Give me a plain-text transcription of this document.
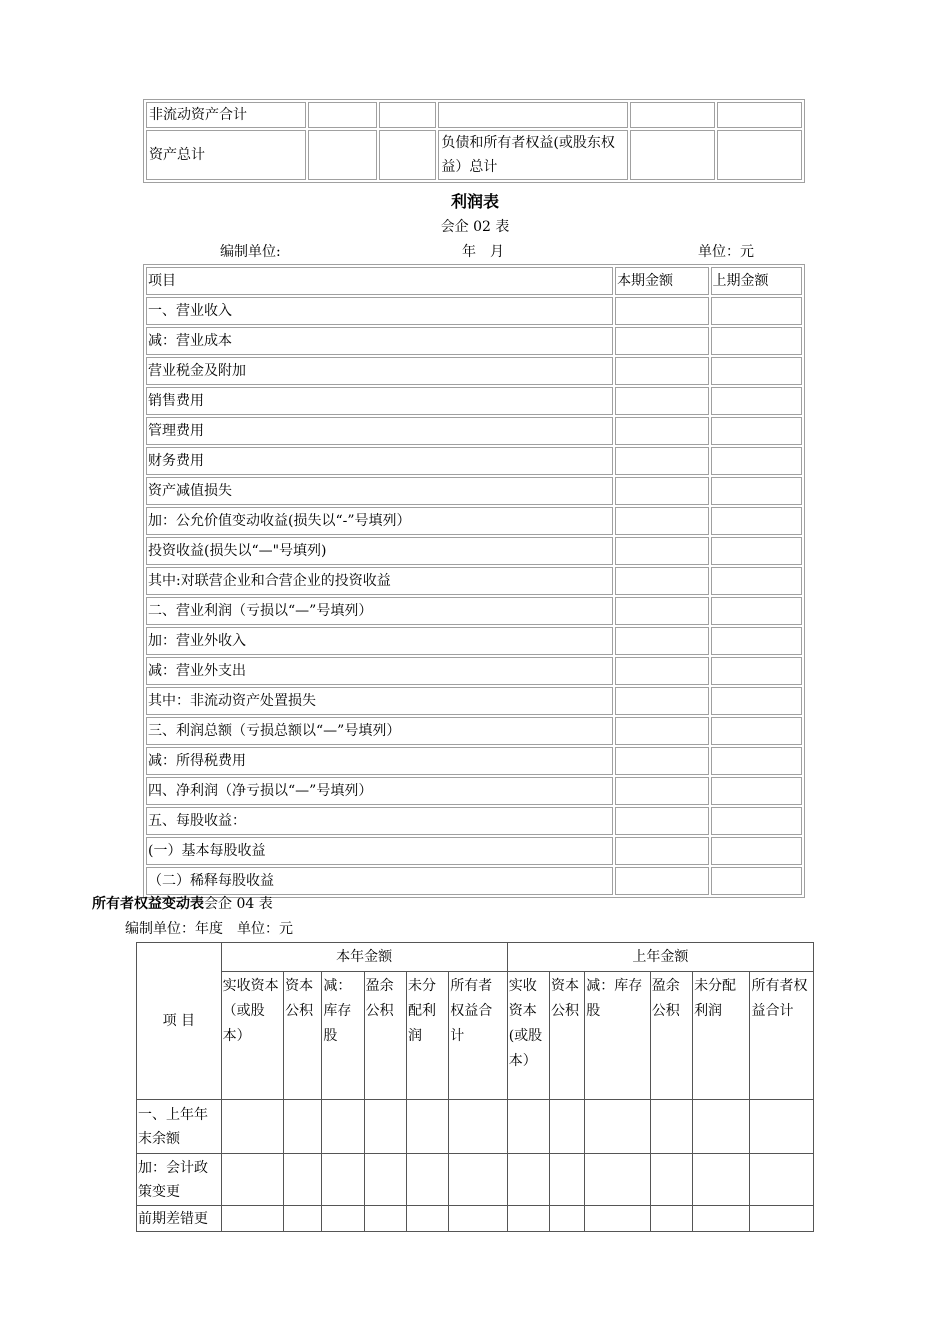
非流动资产合计					
资产总计			负债和所有者权益(或股东权益）总计		
利润表
会企 02 表
编制单位:	年　月	单位：元
项目	本期金额	上期金额
一、营业收入		
减：营业成本		
营业税金及附加		
销售费用		
管理费用		
财务费用		
资产减值损失		
加：公允价值变动收益(损失以“-”号填列）		
投资收益(损失以“—"号填列)		
其中:对联营企业和合营企业的投资收益		
二、营业利润（亏损以“—”号填列）		
加：营业外收入		
减：营业外支出		
其中：非流动资产处置损失		
三、利润总额（亏损总额以“—”号填列）		
减：所得税费用		
四、净利润（净亏损以“—”号填列）		
五、每股收益：		
(一）基本每股收益		
（二）稀释每股收益		
所有者权益变动表会企 04 表
编制单位：年度　单位：元
项 目	本年金额						上年金额					
	实收资本（或股本）	资本公积	减：库存股	盈余公积	未分配利润	所有者权益合计	实收资本(或股本）	资本公积	减：库存股	盈余公积	未分配利润	所有者权益合计
一、上年年末余额												
加：会计政策变更												
前期差错更												
